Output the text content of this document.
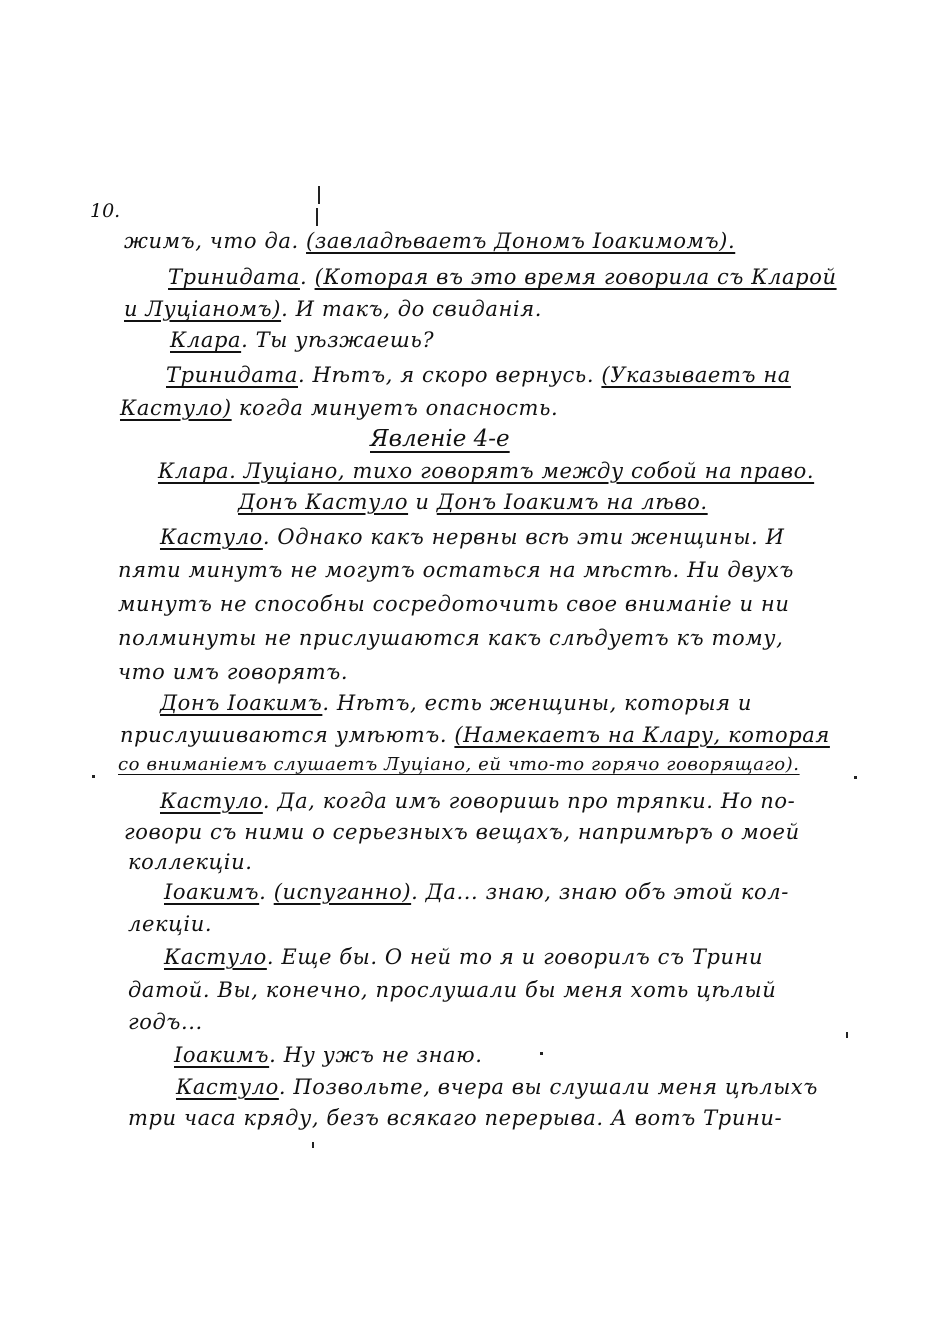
10.
жимъ, что да. (завладѣваетъ Дономъ Іоакимомъ).
Тринидата. (Которая въ это время говорила съ Кларой
и Луціаномъ). И такъ, до свиданія.
Клара. Ты уѣзжаешь?
Тринидата. Нѣтъ, я скоро вернусь. (Указываетъ на
Кастуло) когда минуетъ опасность.
Явленіе 4-е
Клара. Луціано, тихо говорятъ между собой на право.
Донъ Кастуло и Донъ Іоакимъ на лѣво.
Кастуло. Однако какъ нервны всѣ эти женщины. И
пяти минутъ не могутъ остаться на мѣстѣ. Ни двухъ
минутъ не способны сосредоточить свое вниманіе и ни
полминуты не прислушаются какъ слѣдуетъ къ тому,
что имъ говорятъ.
Донъ Іоакимъ. Нѣтъ, есть женщины, которыя и
прислушиваются умѣютъ. (Намекаетъ на Клару, которая
со вниманіемъ слушаетъ Луціано, ей что-то горячо говорящаго).
Кастуло. Да, когда имъ говоришь про тряпки. Но по-
говори съ ними о серьезныхъ вещахъ, напримѣръ о моей
коллекціи.
Іоакимъ. (испуганно). Да... знаю, знаю объ этой кол-
лекціи.
Кастуло. Еще бы. О ней то я и говорилъ съ Трини
датой. Вы, конечно, прослушали бы меня хоть цѣлый
годъ...
Іоакимъ. Ну ужъ не знаю.
Кастуло. Позвольте, вчера вы слушали меня цѣлыхъ
три часа кряду, безъ всякаго перерыва. А вотъ Трини-
